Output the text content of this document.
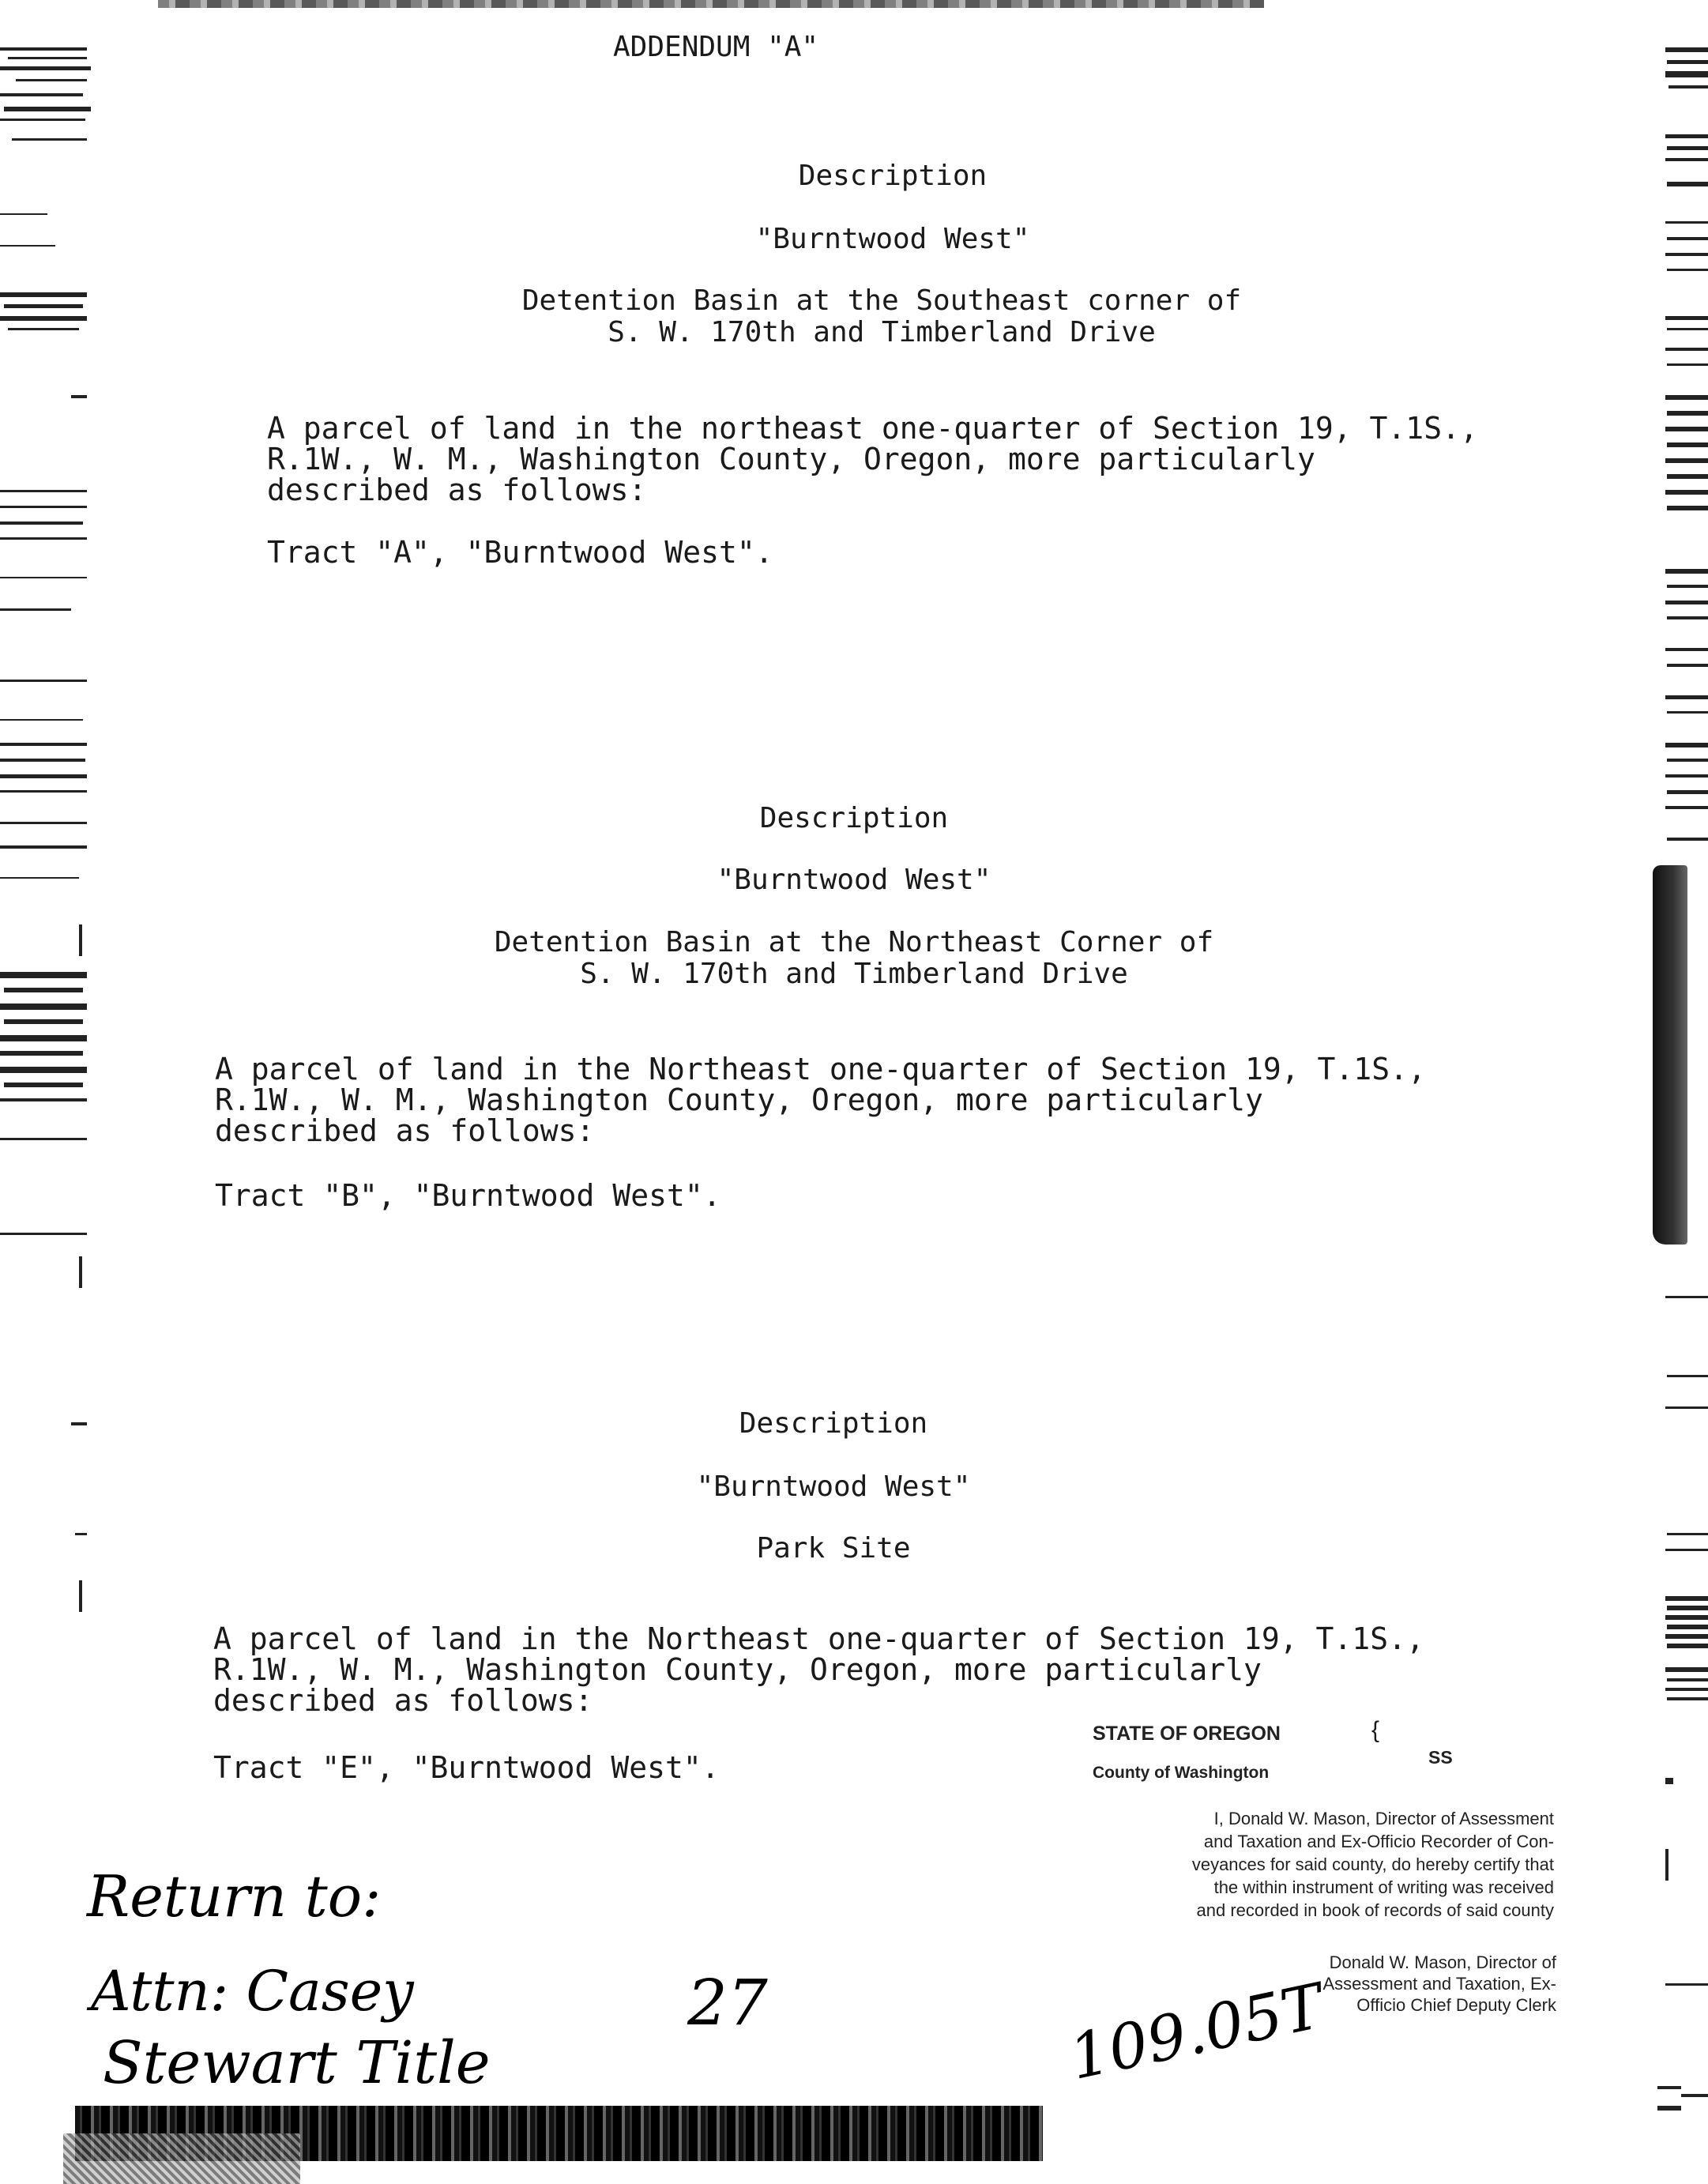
ADDENDUM "A"
Description
"Burntwood West"
Detention Basin at the Southeast corner of
S. W. 170th and Timberland Drive
A parcel of land in the northeast one-quarter of Section 19, T.1S.,
R.1W., W. M., Washington County, Oregon, more particularly
described as follows:
Tract "A", "Burntwood West".
Description
"Burntwood West"
Detention Basin at the Northeast Corner of
S. W. 170th and Timberland Drive
A parcel of land in the Northeast one-quarter of Section 19, T.1S.,
R.1W., W. M., Washington County, Oregon, more particularly
described as follows:
Tract "B", "Burntwood West".
Description
"Burntwood West"
Park Site
A parcel of land in the Northeast one-quarter of Section 19, T.1S.,
R.1W., W. M., Washington County, Oregon, more particularly
described as follows:
Tract "E", "Burntwood West".
STATE OF OREGON	{
SS
County of Washington
I, Donald W. Mason, Director of Assessment
and Taxation and Ex-Officio Recorder of Con-
veyances for said county, do hereby certify that
the within instrument of writing was received
and recorded in book of records of said county
Donald W. Mason, Director of
Assessment and Taxation, Ex-
Officio Chief Deputy Clerk
Return to:
Attn: Casey
Stewart Title
27	109.05T
